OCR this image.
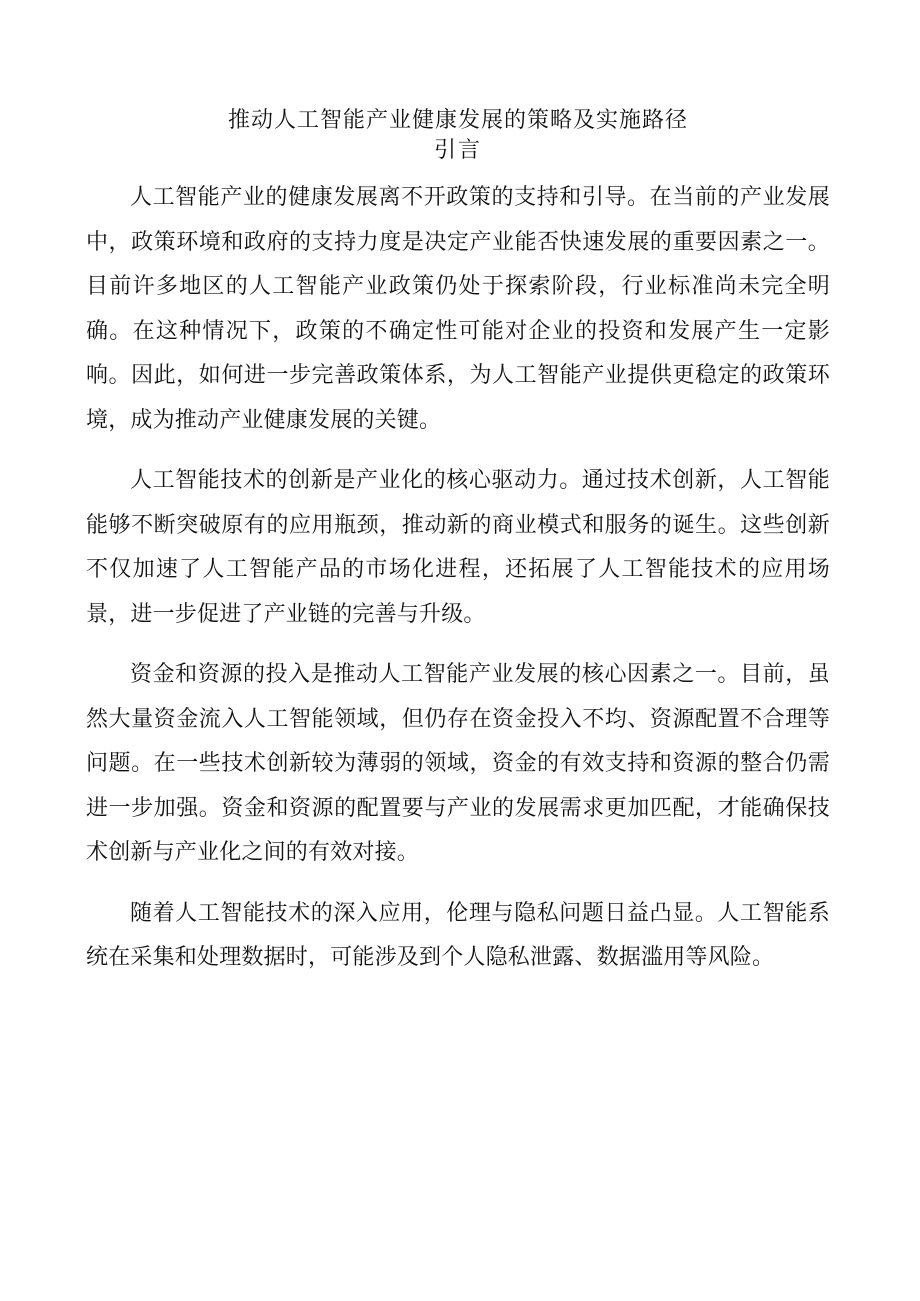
推动人工智能产业健康发展的策略及实施路径

引言

人工智能产业的健康发展离不开政策的支持和引导。在当前的产业发展中，政策环境和政府的支持力度是决定产业能否快速发展的重要因素之一。目前许多地区的人工智能产业政策仍处于探索阶段，行业标准尚未完全明确。在这种情况下，政策的不确定性可能对企业的投资和发展产生一定影响。因此，如何进一步完善政策体系，为人工智能产业提供更稳定的政策环境，成为推动产业健康发展的关键。

人工智能技术的创新是产业化的核心驱动力。通过技术创新，人工智能能够不断突破原有的应用瓶颈，推动新的商业模式和服务的诞生。这些创新不仅加速了人工智能产品的市场化进程，还拓展了人工智能技术的应用场景，进一步促进了产业链的完善与升级。

资金和资源的投入是推动人工智能产业发展的核心因素之一。目前，虽然大量资金流入人工智能领域，但仍存在资金投入不均、资源配置不合理等问题。在一些技术创新较为薄弱的领域，资金的有效支持和资源的整合仍需进一步加强。资金和资源的配置要与产业的发展需求更加匹配，才能确保技术创新与产业化之间的有效对接。

随着人工智能技术的深入应用，伦理与隐私问题日益凸显。人工智能系统在采集和处理数据时，可能涉及到个人隐私泄露、数据滥用等风险。
